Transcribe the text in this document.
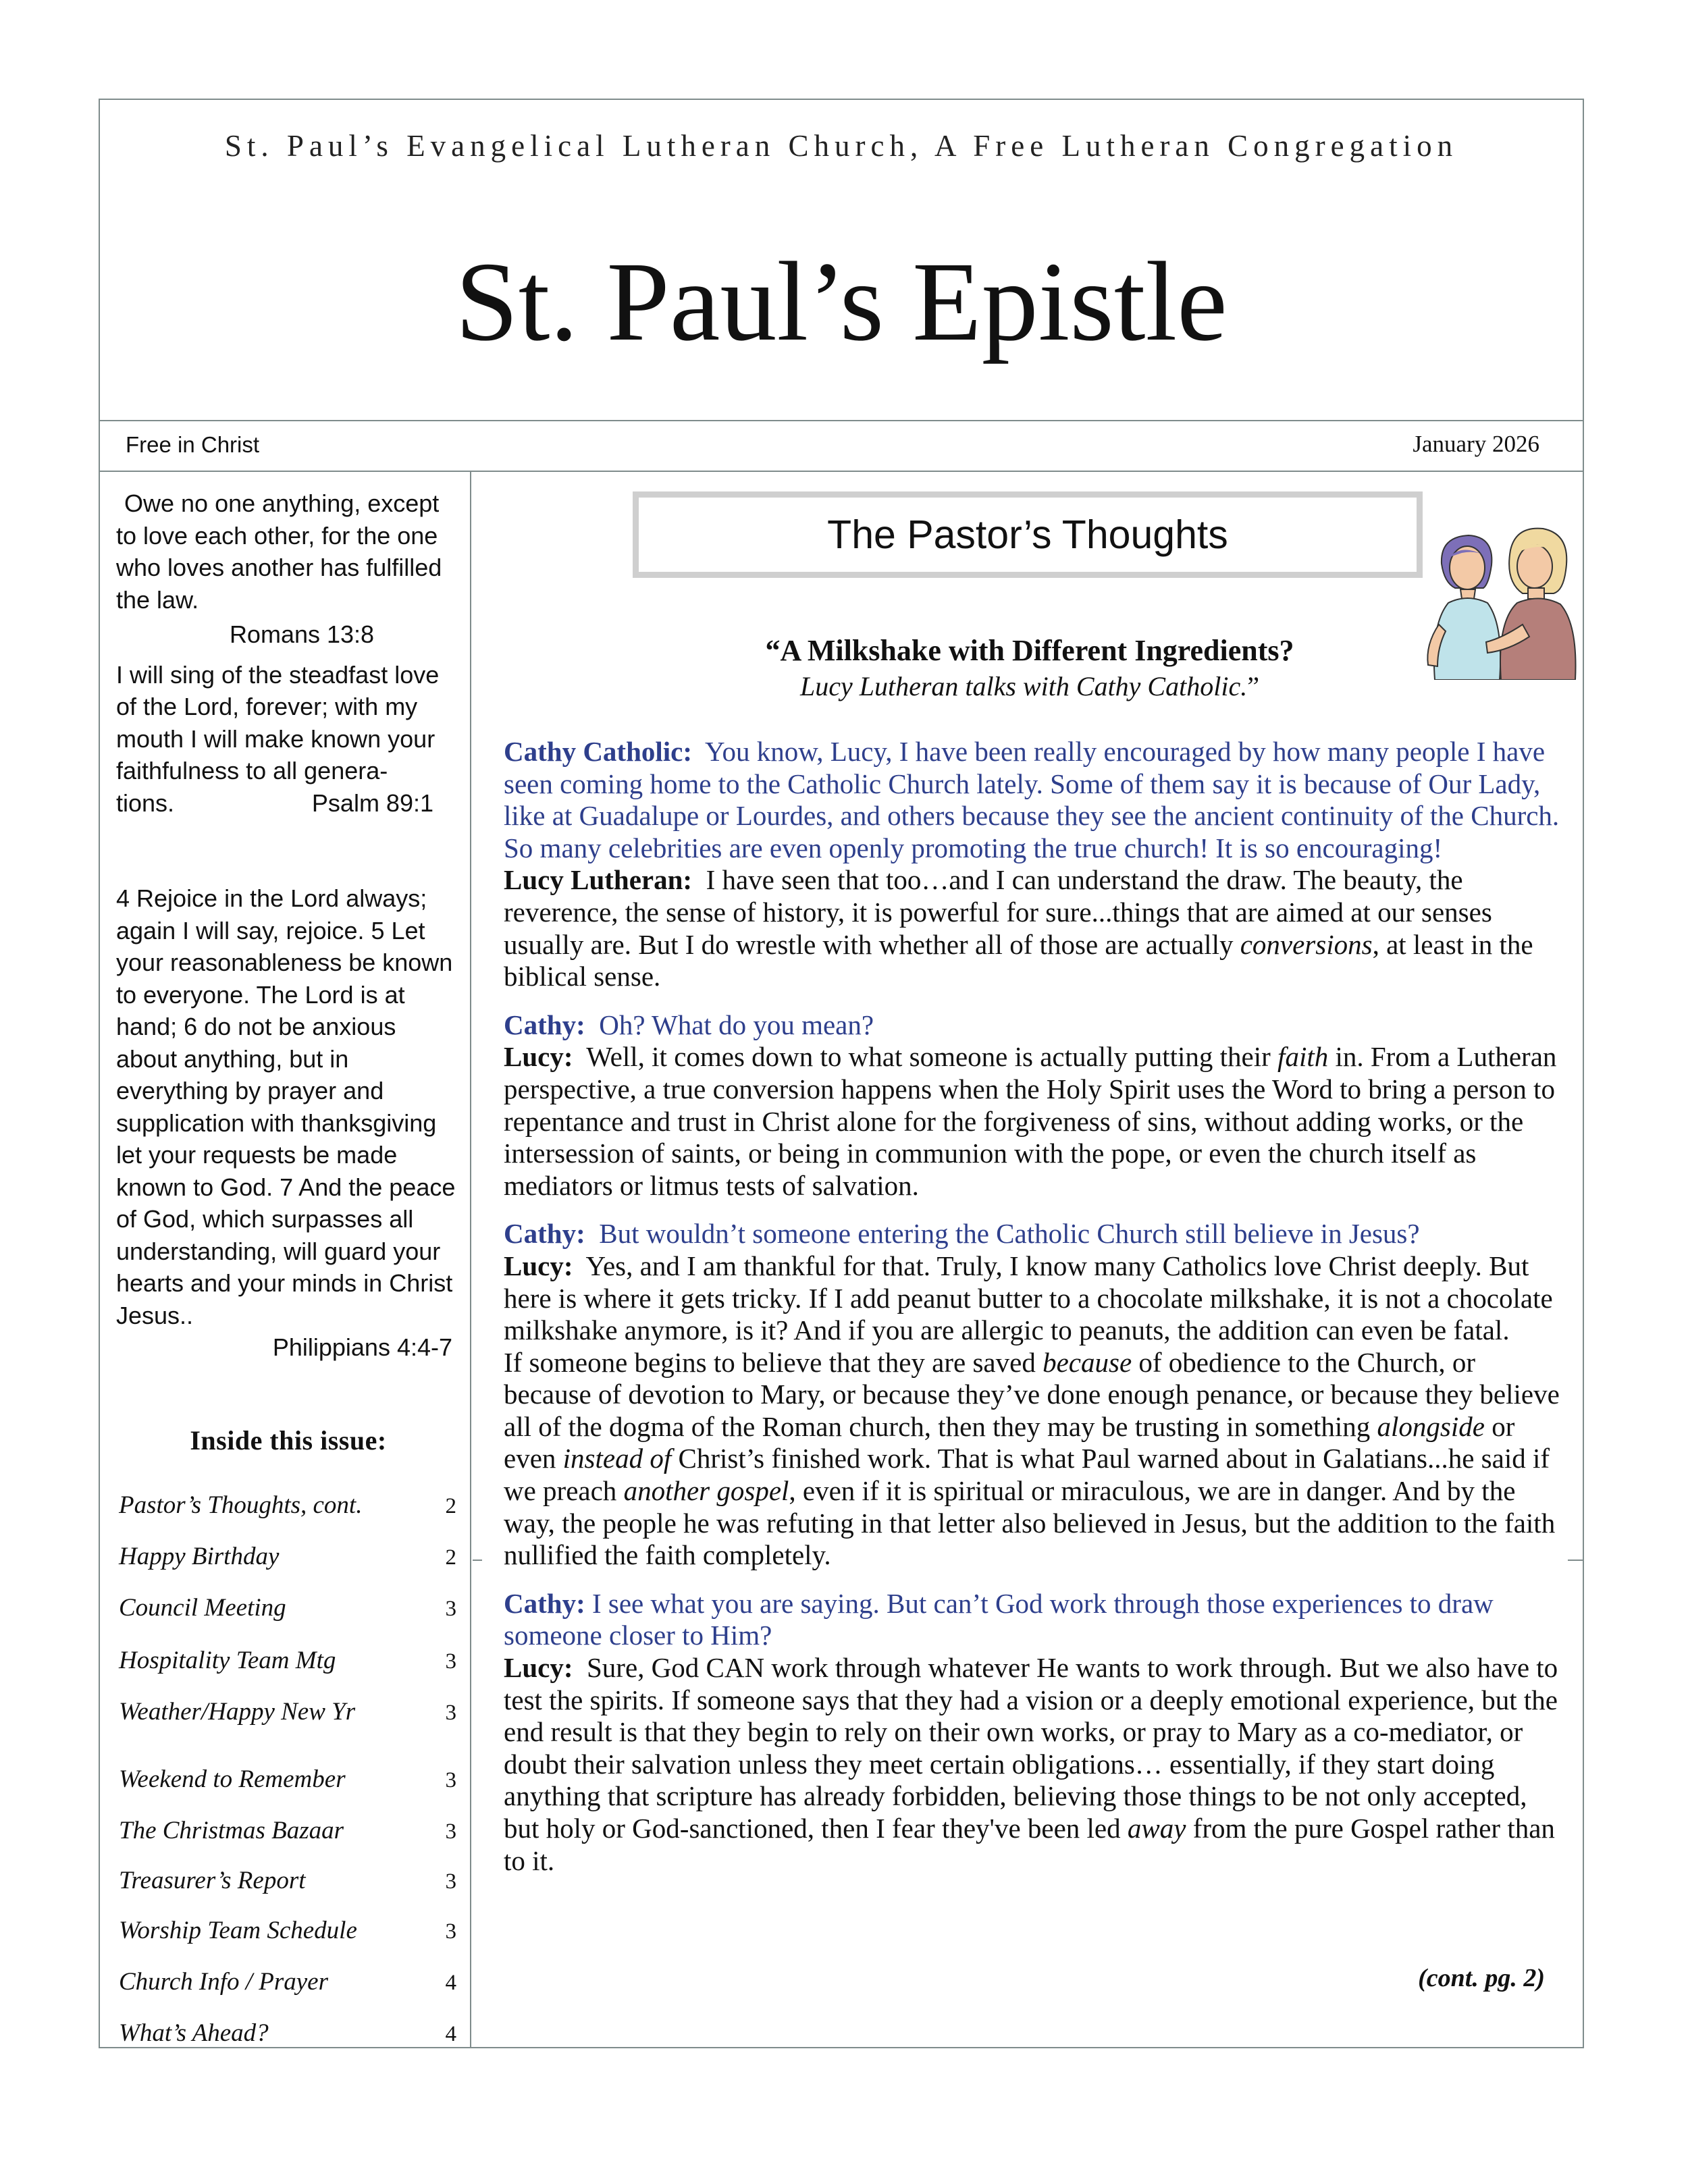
St. Paul’s Evangelical Lutheran Church, A Free Lutheran Congregation
St. Paul’s Epistle
Free in Christ	January 2026

Owe no one anything, except to love each other, for the one who loves another has fulfilled the law.

Romans 13:8

I will sing of the steadfast love of the Lord, forever; with my mouth I will make known your faithfulness to all genera-

tions.	Psalm 89:1

4 Rejoice in the Lord always; again I will say, rejoice. 5 Let your reasonableness be known to everyone. The Lord is at hand; 6 do not be anxious about anything, but in everything by prayer and supplication with thanksgiving let your requests be made known to God. 7 And the peace of God, which surpasses all understanding, will guard your hearts and your minds in Christ Jesus..

Philippians 4:4-7
Inside this issue:
Pastor’s Thoughts, cont.	2
Happy Birthday	2
Council Meeting	3
Hospitality Team Mtg	3
Weather/Happy New Yr	3
Weekend to Remember	3
The Christmas Bazaar	3
Treasurer’s Report	3
Worship Team Schedule	3
Church Info / Prayer	4
What’s Ahead?	4
The Pastor’s Thoughts
“A Milkshake with Different Ingredients?
Lucy Lutheran talks with Cathy Catholic.”

Cathy Catholic: You know, Lucy, I have been really encouraged by how many people I have seen coming home to the Catholic Church lately. Some of them say it is because of Our Lady, like at Guadalupe or Lourdes, and others because they see the ancient continuity of the Church. So many celebrities are even openly promoting the true church! It is so encouraging!

Lucy Lutheran: I have seen that too…and I can understand the draw. The beauty, the reverence, the sense of history, it is powerful for sure...things that are aimed at our senses usually are. But I do wrestle with whether all of those are actually conversions, at least in the biblical sense.

Cathy: Oh? What do you mean?

Lucy: Well, it comes down to what someone is actually putting their faith in. From a Lutheran perspective, a true conversion happens when the Holy Spirit uses the Word to bring a person to repentance and trust in Christ alone for the forgiveness of sins, without adding works, or the intersession of saints, or being in communion with the pope, or even the church itself as mediators or litmus tests of salvation.

Cathy: But wouldn’t someone entering the Catholic Church still believe in Jesus?

Lucy: Yes, and I am thankful for that. Truly, I know many Catholics love Christ deeply. But here is where it gets tricky. If I add peanut butter to a chocolate milkshake, it is not a chocolate milkshake anymore, is it? And if you are allergic to peanuts, the addition can even be fatal.

If someone begins to believe that they are saved because of obedience to the Church, or because of devotion to Mary, or because they’ve done enough penance, or because they believe all of the dogma of the Roman church, then they may be trusting in something alongside or even instead of Christ’s finished work. That is what Paul warned about in Galatians...he said if we preach another gospel, even if it is spiritual or miraculous, we are in danger. And by the way, the people he was refuting in that letter also believed in Jesus, but the addition to the faith nullified the faith completely.

Cathy: I see what you are saying. But can’t God work through those experiences to draw someone closer to Him?

Lucy: Sure, God CAN work through whatever He wants to work through. But we also have to test the spirits. If someone says that they had a vision or a deeply emotional experience, but the end result is that they begin to rely on their own works, or pray to Mary as a co-mediator, or doubt their salvation unless they meet certain obligations… essentially, if they start doing anything that scripture has already forbidden, believing those things to be not only accepted, but holy or God-sanctioned, then I fear they've been led away from the pure Gospel rather than to it.

(cont. pg. 2)
